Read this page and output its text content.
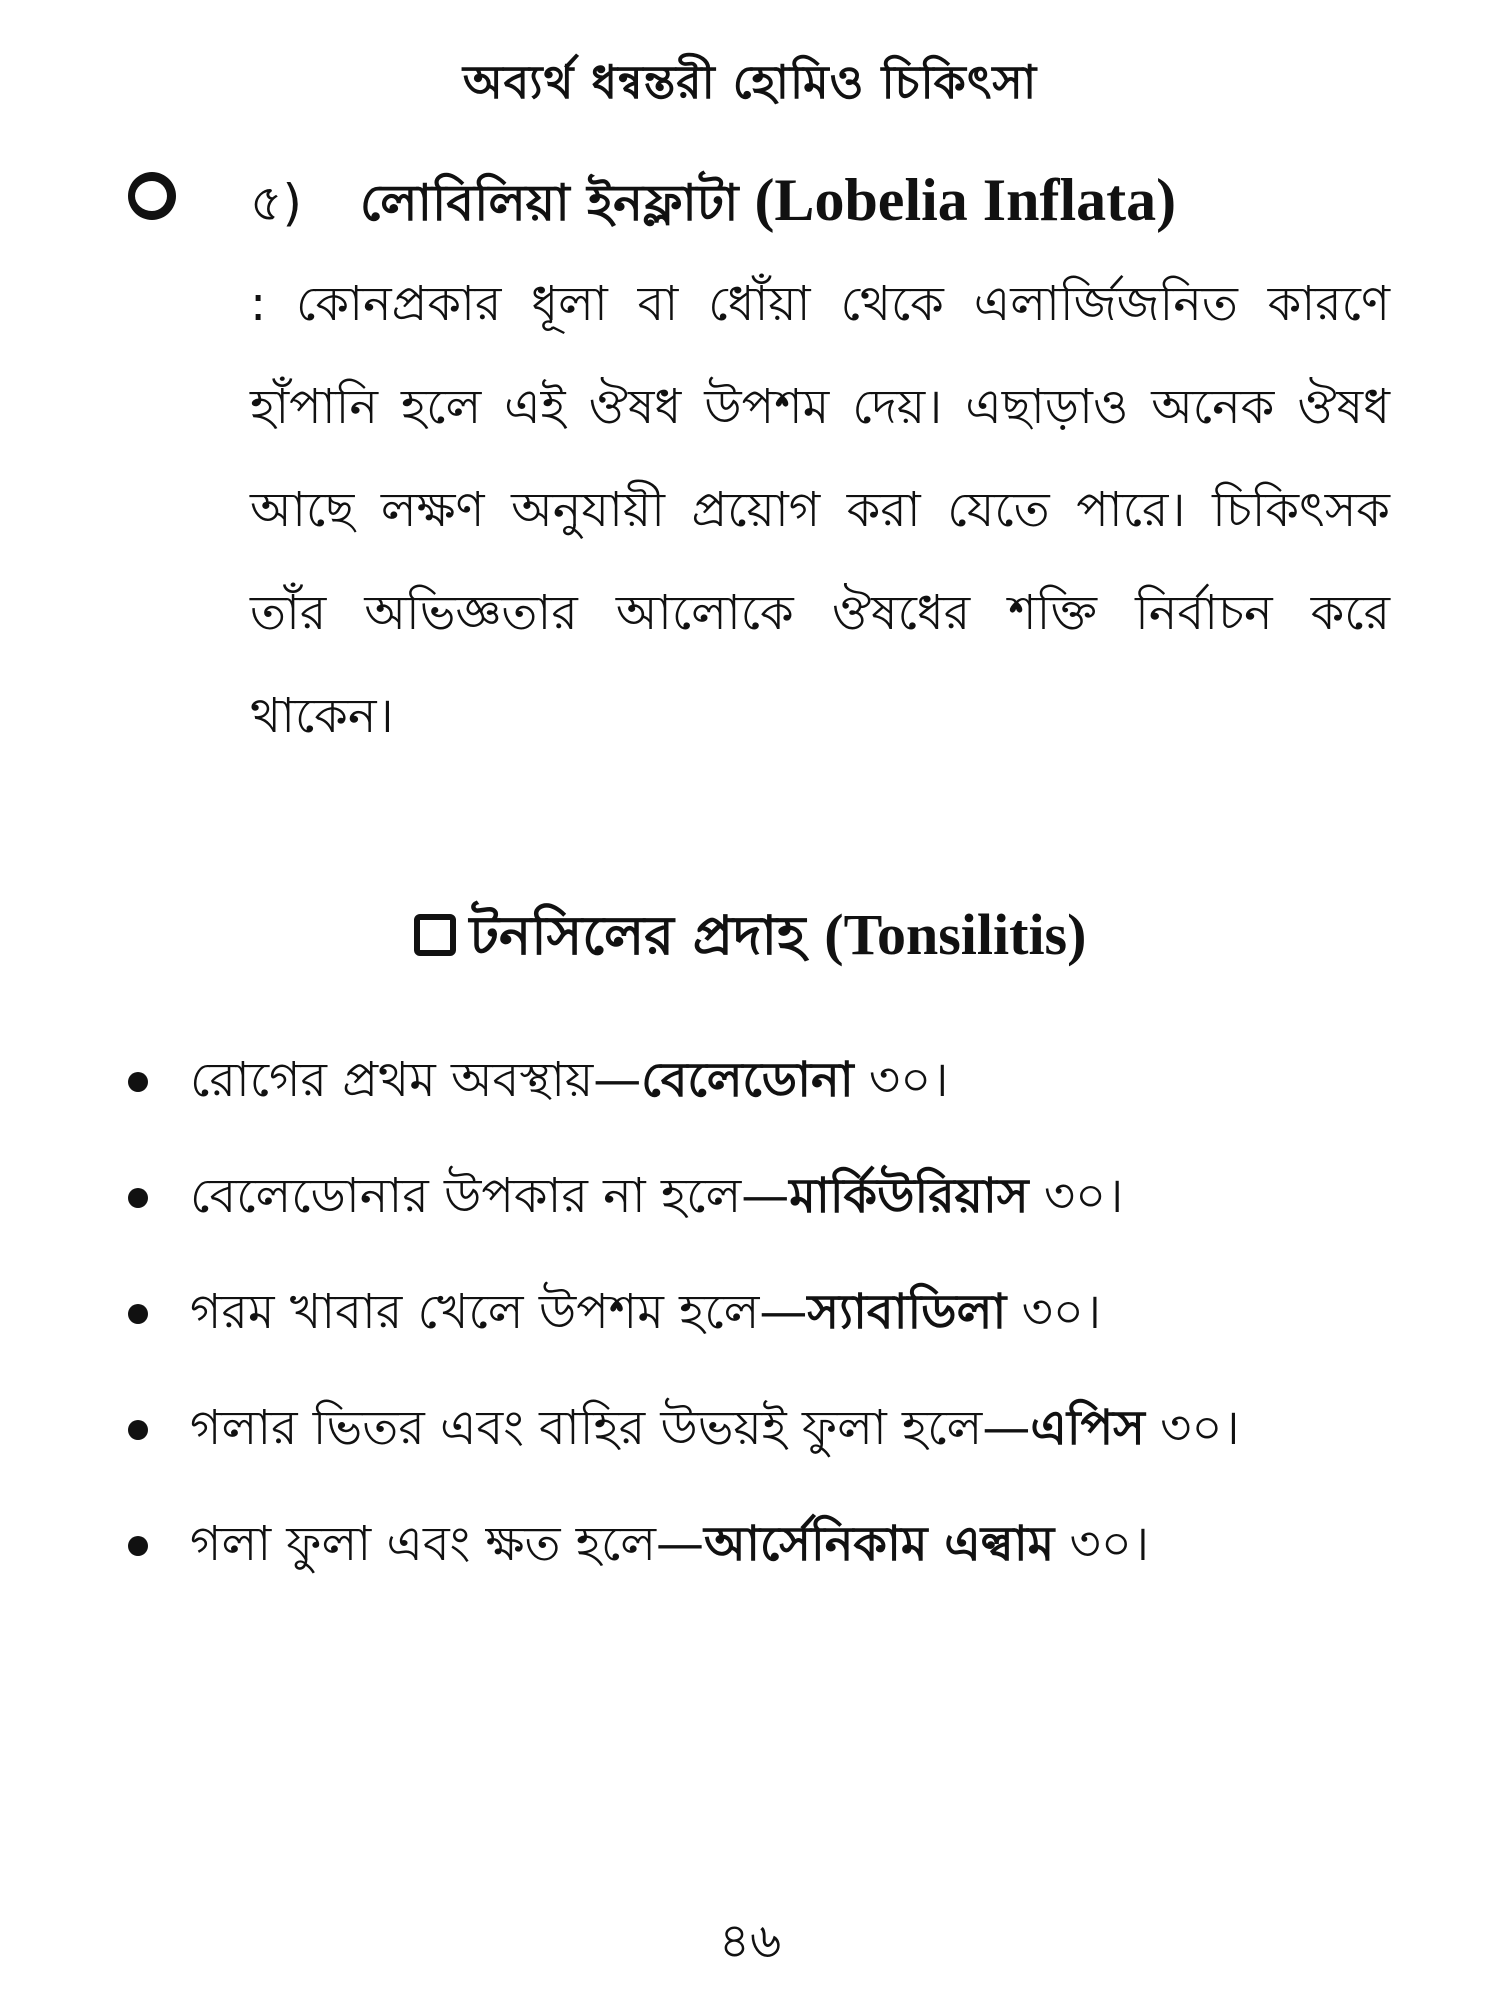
অব্যর্থ ধন্বন্তরী হোমিও চিকিৎসা
৫) লোবিলিয়া ইনফ্লাটা (Lobelia Inflata)

: কোনপ্রকার ধূলা বা ধোঁয়া থেকে এলার্জিজনিত কারণে হাঁপানি হলে এই ঔষধ উপশম দেয়। এছাড়াও অনেক ঔষধ আছে লক্ষণ অনুযায়ী প্রয়োগ করা যেতে পারে। চিকিৎসক তাঁর অভিজ্ঞতার আলোকে ঔষধের শক্তি নির্বাচন করে থাকেন।

টনসিলের প্রদাহ (Tonsilitis)
রোগের প্রথম অবস্থায়—বেলেডোনা ৩০।
বেলেডোনার উপকার না হলে—মার্কিউরিয়াস ৩০।
গরম খাবার খেলে উপশম হলে—স্যাবাডিলা ৩০।
গলার ভিতর এবং বাহির উভয়ই ফুলা হলে—এপিস ৩০।
গলা ফুলা এবং ক্ষত হলে—আর্সেনিকাম এল্বাম ৩০।
৪৬
